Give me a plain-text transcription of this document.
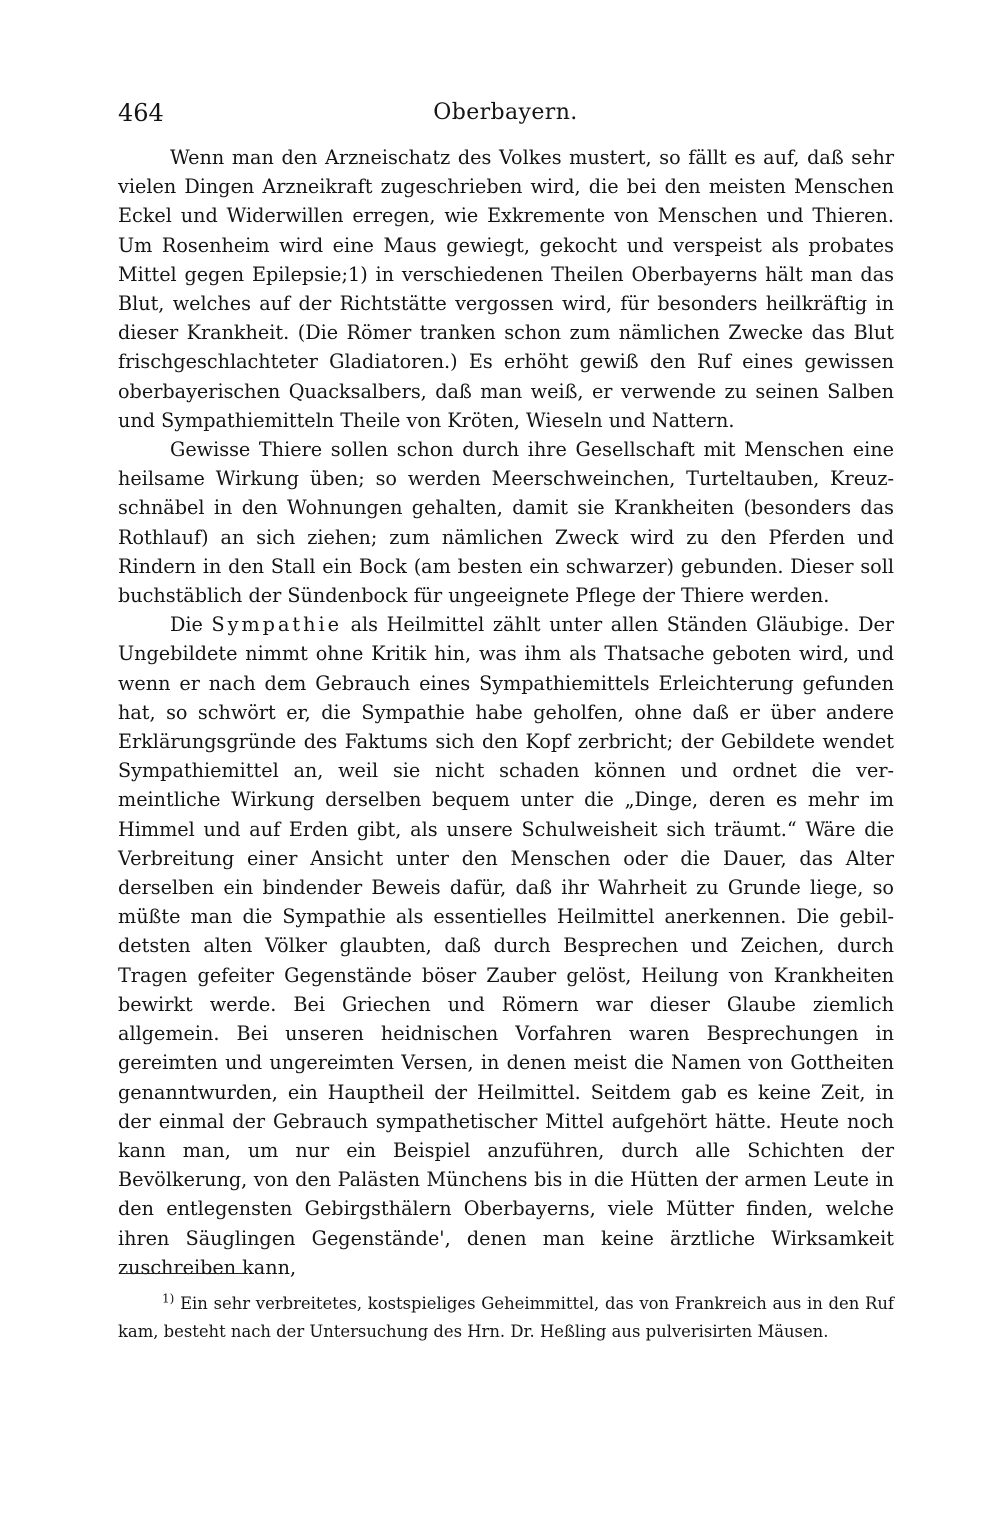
464	Oberbayern.

Wenn man den Arzneischatz des Volkes mustert, so fällt es auf, daß sehr vielen Dingen Arzneikraft zugeschrieben wird, die bei den meisten Menschen Eckel und Widerwillen erregen, wie Exkremente von Menschen und Thieren. Um Rosenheim wird eine Maus gewiegt, gekocht und verspeist als probates Mittel gegen Epilepsie;1) in verschiedenen Theilen Oberbayerns hält man das Blut, welches auf der Richtstätte vergossen wird, für besonders heilkräftig in dieser Krankheit. (Die Römer tranken schon zum nämlichen Zwecke das Blut frischgeschlachteter Gladiatoren.) Es erhöht gewiß den Ruf eines gewissen oberbayerischen Quacksalbers, daß man weiß, er verwende zu seinen Salben und Sympathiemitteln Theile von Kröten, Wieseln und Nattern.

Gewisse Thiere sollen schon durch ihre Gesellschaft mit Menschen eine heilsame Wirkung üben; so werden Meerschweinchen, Turteltauben, Kreuzschnäbel in den Wohnungen gehalten, damit sie Krankheiten (besonders das Rothlauf) an sich ziehen; zum nämlichen Zweck wird zu den Pferden und Rindern in den Stall ein Bock (am besten ein schwarzer) gebunden. Dieser soll buchstäblich der Sündenbock für ungeeignete Pflege der Thiere werden.

Die Sympathie als Heilmittel zählt unter allen Ständen Gläubige. Der Ungebildete nimmt ohne Kritik hin, was ihm als Thatsache geboten wird, und wenn er nach dem Gebrauch eines Sympathiemittels Erleichterung gefunden hat, so schwört er, die Sympathie habe geholfen, ohne daß er über andere Erklärungsgründe des Faktums sich den Kopf zerbricht; der Gebildete wendet Sympathiemittel an, weil sie nicht schaden können und ordnet die vermeintliche Wirkung derselben bequem unter die „Dinge, deren es mehr im Himmel und auf Erden gibt, als unsere Schulweisheit sich träumt.“ Wäre die Verbreitung einer Ansicht unter den Menschen oder die Dauer, das Alter derselben ein bindender Beweis dafür, daß ihr Wahrheit zu Grunde liege, so müßte man die Sympathie als essentielles Heilmittel anerkennen. Die gebildetsten alten Völker glaubten, daß durch Besprechen und Zeichen, durch Tragen gefeiter Gegenstände böser Zauber gelöst, Heilung von Krankheiten bewirkt werde. Bei Griechen und Römern war dieser Glaube ziemlich allgemein. Bei unseren heidnischen Vorfahren waren Besprechungen in gereimten und ungereimten Versen, in denen meist die Namen von Gottheiten genanntwurden, ein Hauptheil der Heilmittel. Seitdem gab es keine Zeit, in der einmal der Gebrauch sympathetischer Mittel aufgehört hätte. Heute noch kann man, um nur ein Beispiel anzuführen, durch alle Schichten der Bevölkerung, von den Palästen Münchens bis in die Hütten der armen Leute in den entlegensten Gebirgsthälern Oberbayerns, viele Mütter finden, welche ihren Säuglingen Gegenstände', denen man keine ärztliche Wirksamkeit zuschreiben kann,

$^{1)}$ Ein sehr verbreitetes, kostspieliges Geheimmittel, das von Frankreich aus in den Ruf kam, besteht nach der Untersuchung des Hrn. Dr. Heßling aus pulverisirten Mäusen.
